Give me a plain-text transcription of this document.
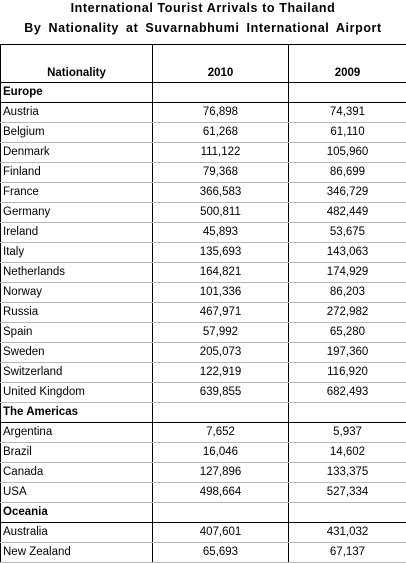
International Tourist Arrivals to Thailand
By Nationality at Suvarnabhumi International Airport
Nationality	2010	2009
Europe		
Austria	76,898	74,391
Belgium	61,268	61,110
Denmark	111,122	105,960
Finland	79,368	86,699
France	366,583	346,729
Germany	500,811	482,449
Ireland	45,893	53,675
Italy	135,693	143,063
Netherlands	164,821	174,929
Norway	101,336	86,203
Russia	467,971	272,982
Spain	57,992	65,280
Sweden	205,073	197,360
Switzerland	122,919	116,920
United Kingdom	639,855	682,493
The Americas		
Argentina	7,652	5,937
Brazil	16,046	14,602
Canada	127,896	133,375
USA	498,664	527,334
Oceania		
Australia	407,601	431,032
New Zealand	65,693	67,137
